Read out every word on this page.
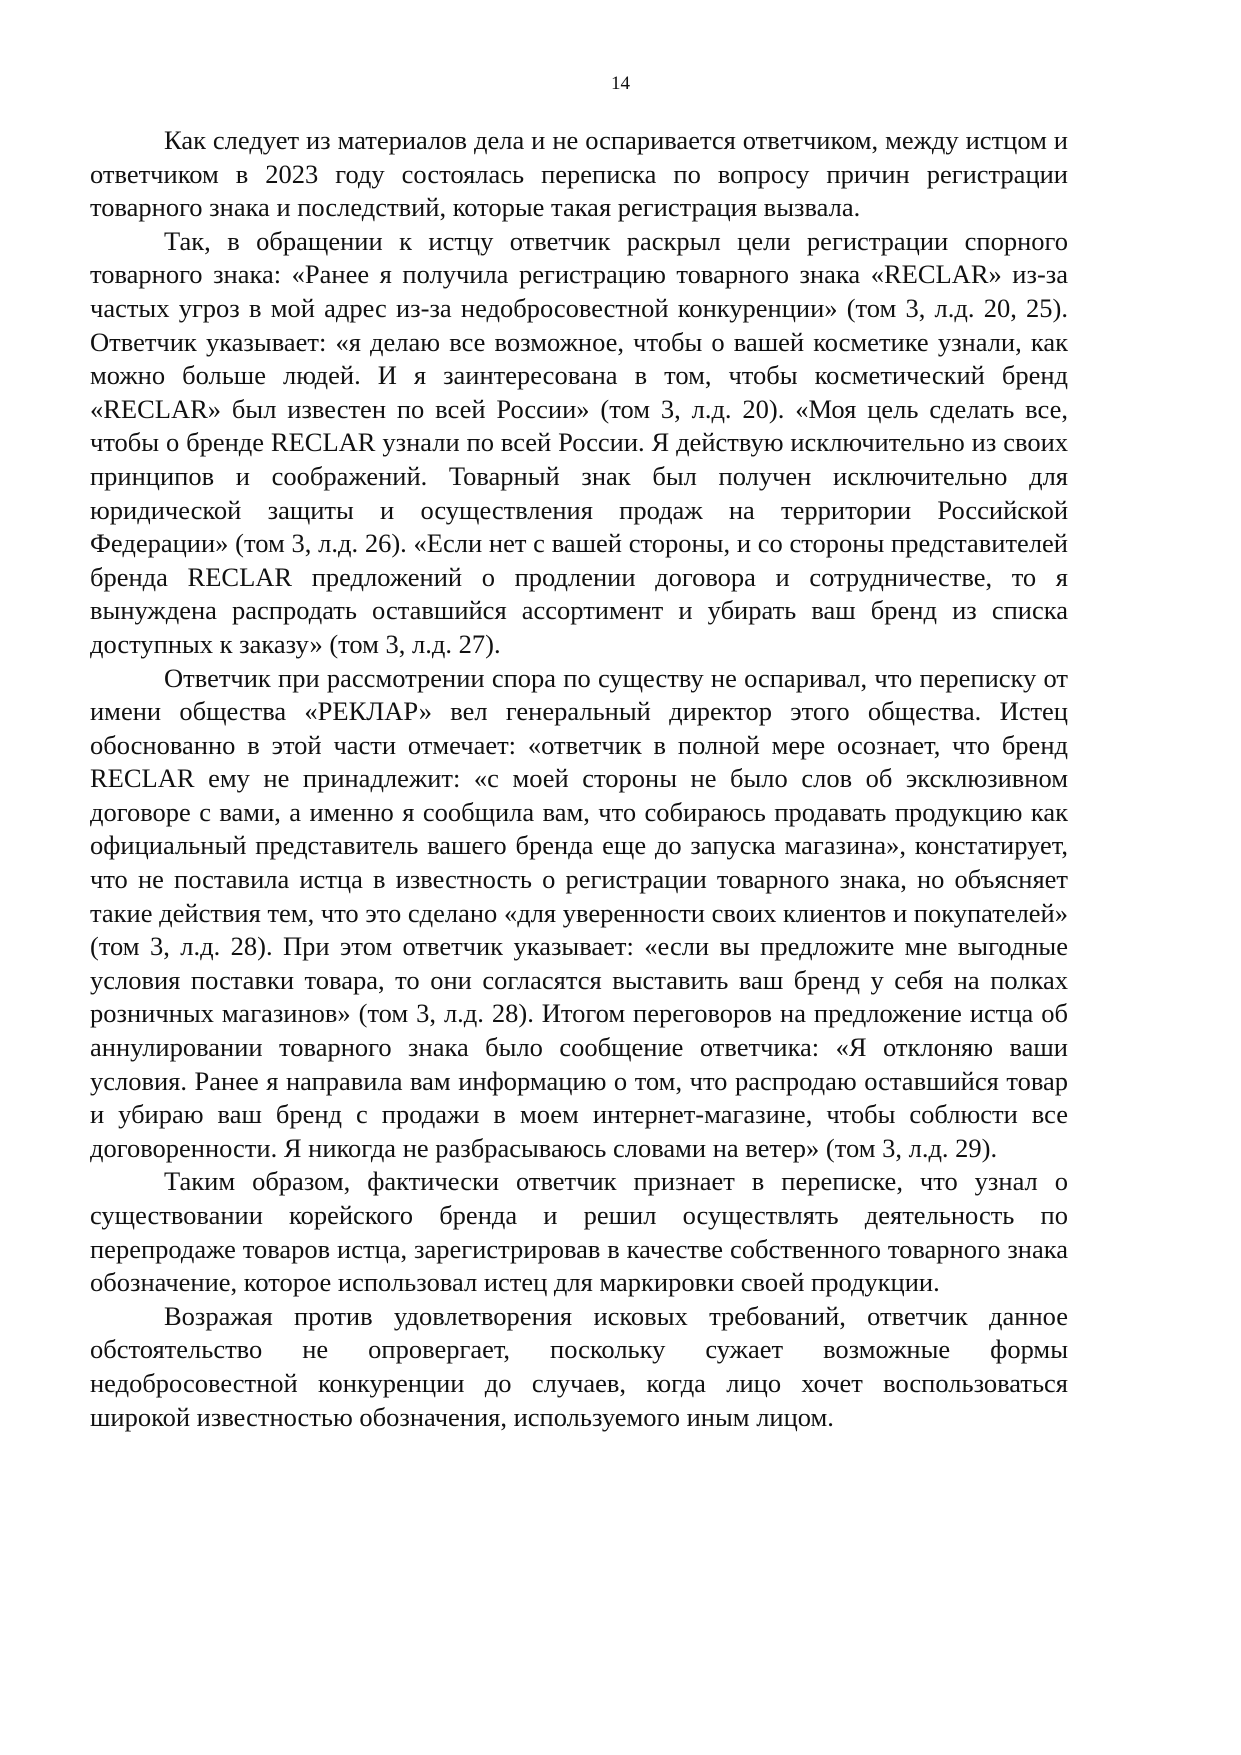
14

Как следует из материалов дела и не оспаривается ответчиком, между истцом и ответчиком в 2023 году состоялась переписка по вопросу причин регистрации товарного знака и последствий, которые такая регистрация вызвала.

Так, в обращении к истцу ответчик раскрыл цели регистрации спорного товарного знака: «Ранее я получила регистрацию товарного знака «RECLAR» из-за частых угроз в мой адрес из-за недобросовестной конкуренции» (том 3, л.д. 20, 25). Ответчик указывает: «я делаю все возможное, чтобы о вашей косметике узнали, как можно больше людей. И я заинтересована в том, чтобы косметический бренд «RECLAR» был известен по всей России» (том 3, л.д. 20). «Моя цель сделать все, чтобы о бренде RECLAR узнали по всей России. Я действую исключительно из своих принципов и соображений. Товарный знак был получен исключительно для юридической защиты и осуществления продаж на территории Российской Федерации» (том 3, л.д. 26). «Если нет с вашей стороны, и со стороны представителей бренда RECLAR предложений о продлении договора и сотрудничестве, то я вынуждена распродать оставшийся ассортимент и убирать ваш бренд из списка доступных к заказу» (том 3, л.д. 27).

Ответчик при рассмотрении спора по существу не оспаривал, что переписку от имени общества «РЕКЛАР» вел генеральный директор этого общества. Истец обоснованно в этой части отмечает: «ответчик в полной мере осознает, что бренд RECLAR ему не принадлежит: «с моей стороны не было слов об эксклюзивном договоре с вами, а именно я сообщила вам, что собираюсь продавать продукцию как официальный представитель вашего бренда еще до запуска магазина», констатирует, что не поставила истца в известность о регистрации товарного знака, но объясняет такие действия тем, что это сделано «для уверенности своих клиентов и покупателей» (том 3, л.д. 28). При этом ответчик указывает: «если вы предложите мне выгодные условия поставки товара, то они согласятся выставить ваш бренд у себя на полках розничных магазинов» (том 3, л.д. 28). Итогом переговоров на предложение истца об аннулировании товарного знака было сообщение ответчика: «Я отклоняю ваши условия. Ранее я направила вам информацию о том, что распродаю оставшийся товар и убираю ваш бренд с продажи в моем интернет-магазине, чтобы соблюсти все договоренности. Я никогда не разбрасываюсь словами на ветер» (том 3, л.д. 29).

Таким образом, фактически ответчик признает в переписке, что узнал о существовании корейского бренда и решил осуществлять деятельность по перепродаже товаров истца, зарегистрировав в качестве собственного товарного знака обозначение, которое использовал истец для маркировки своей продукции.

Возражая против удовлетворения исковых требований, ответчик данное обстоятельство не опровергает, поскольку сужает возможные формы недобросовестной конкуренции до случаев, когда лицо хочет воспользоваться широкой известностью обозначения, используемого иным лицом.
